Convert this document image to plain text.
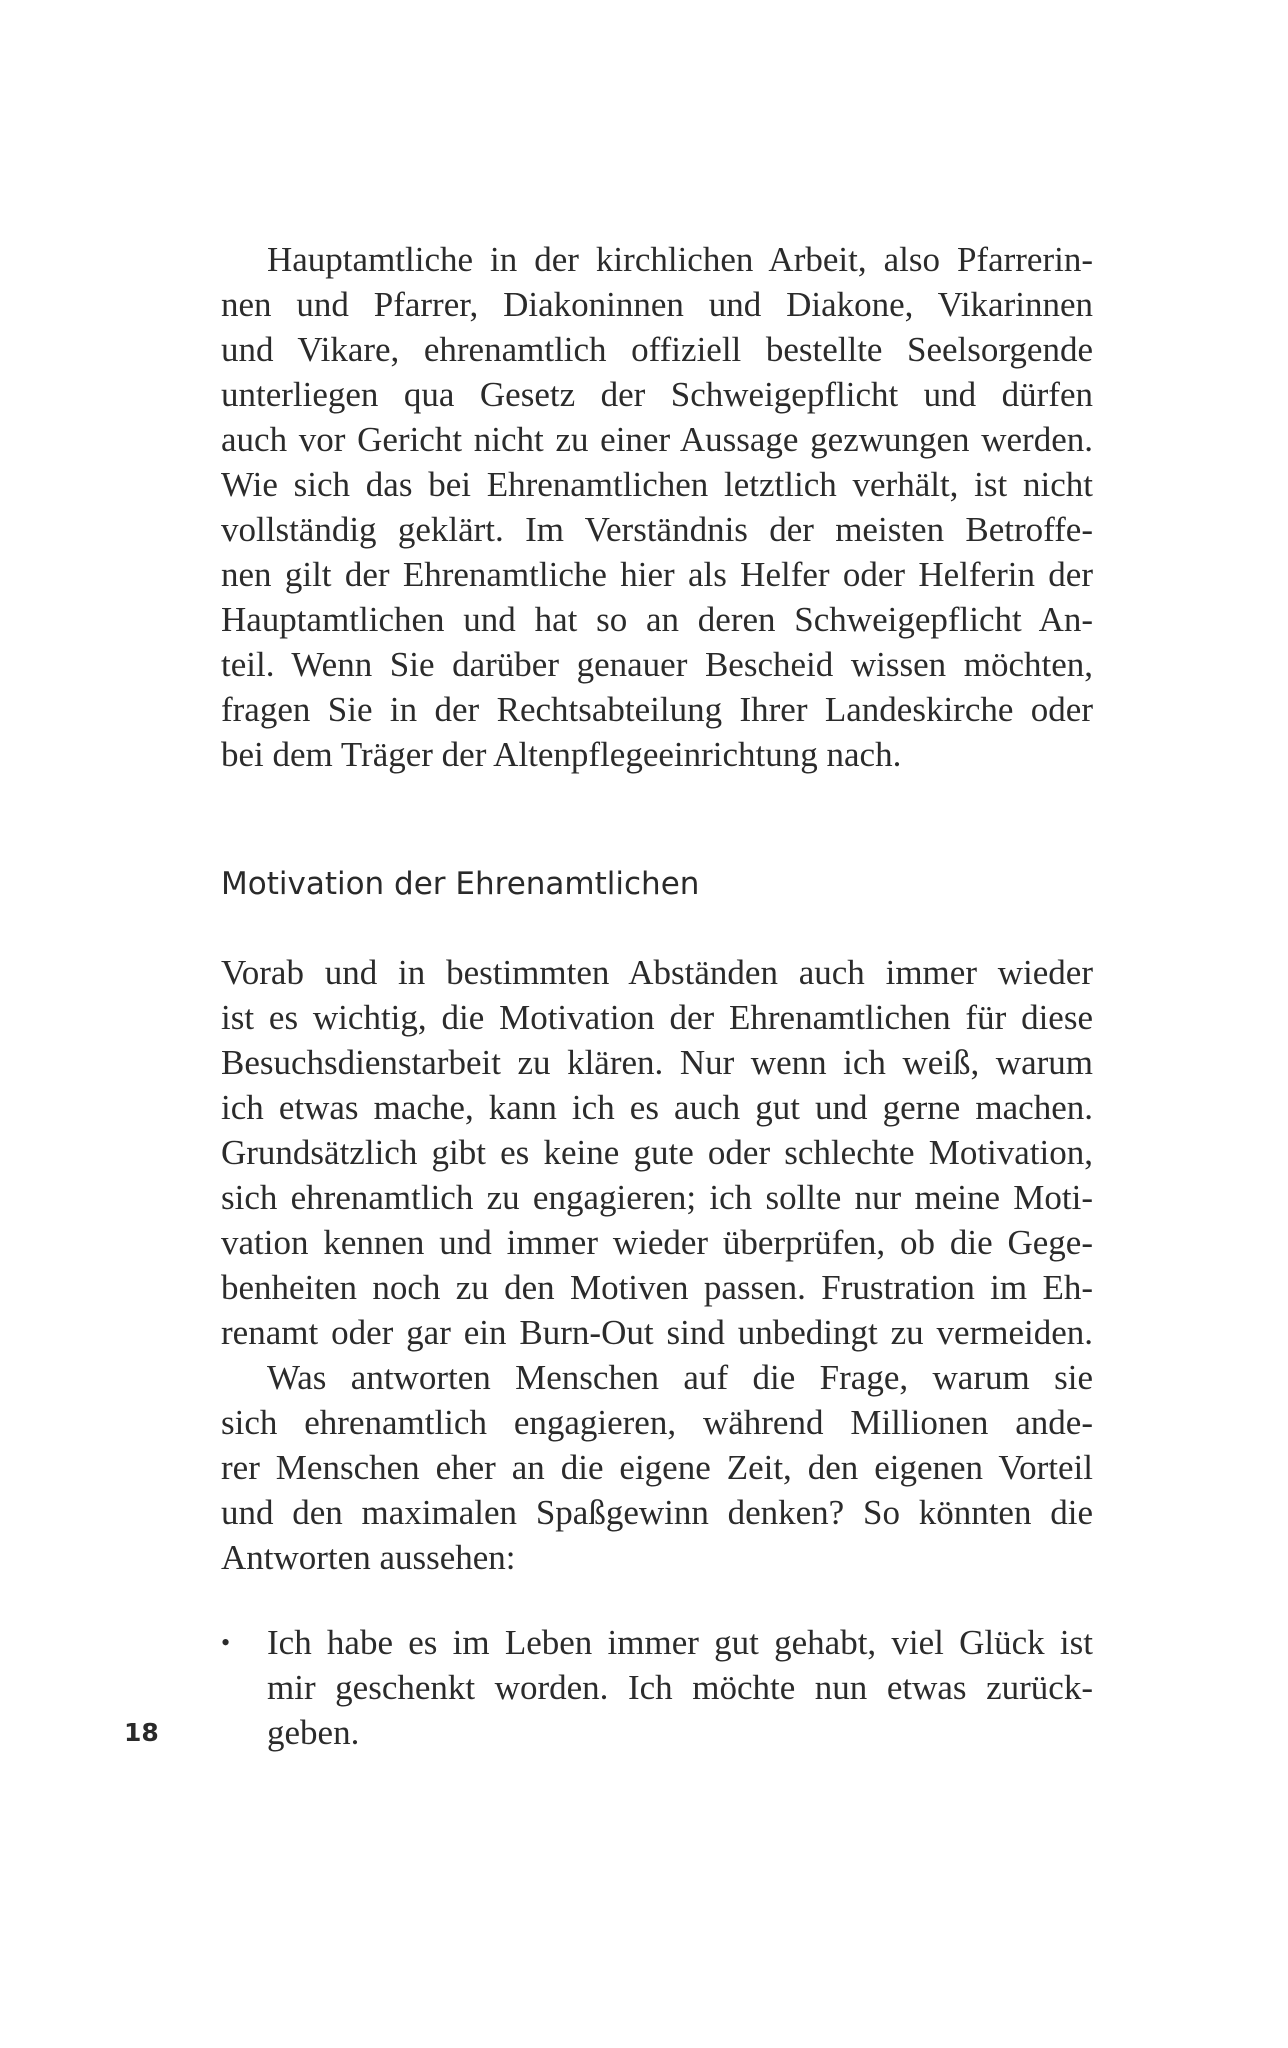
Hauptamtliche in der kirchlichen Arbeit, also Pfarrerin-
nen und Pfarrer, Diakoninnen und Diakone, Vikarinnen
und Vikare, ehrenamtlich offiziell bestellte Seelsorgende
unterliegen qua Gesetz der Schweigepflicht und dürfen
auch vor Gericht nicht zu einer Aussage gezwungen werden.
Wie sich das bei Ehrenamtlichen letztlich verhält, ist nicht
vollständig geklärt. Im Verständnis der meisten Betroffe-
nen gilt der Ehrenamtliche hier als Helfer oder Helferin der
Hauptamtlichen und hat so an deren Schweigepflicht An-
teil. Wenn Sie darüber genauer Bescheid wissen möchten,
fragen Sie in der Rechtsabteilung Ihrer Landeskirche oder
bei dem Träger der Altenpflegeeinrichtung nach.
Motivation der Ehrenamtlichen
Vorab und in bestimmten Abständen auch immer wieder
ist es wichtig, die Motivation der Ehrenamtlichen für diese
Besuchsdienstarbeit zu klären. Nur wenn ich weiß, warum
ich etwas mache, kann ich es auch gut und gerne machen.
Grundsätzlich gibt es keine gute oder schlechte Motivation,
sich ehrenamtlich zu engagieren; ich sollte nur meine Moti-
vation kennen und immer wieder überprüfen, ob die Gege-
benheiten noch zu den Motiven passen. Frustration im Eh-
renamt oder gar ein Burn-Out sind unbedingt zu vermeiden.
Was antworten Menschen auf die Frage, warum sie
sich ehrenamtlich engagieren, während Millionen ande-
rer Menschen eher an die eigene Zeit, den eigenen Vorteil
und den maximalen Spaßgewinn denken? So könnten die
Antworten aussehen:
•	Ich habe es im Leben immer gut gehabt, viel Glück ist
mir geschenkt worden. Ich möchte nun etwas zurück-
geben.
18
